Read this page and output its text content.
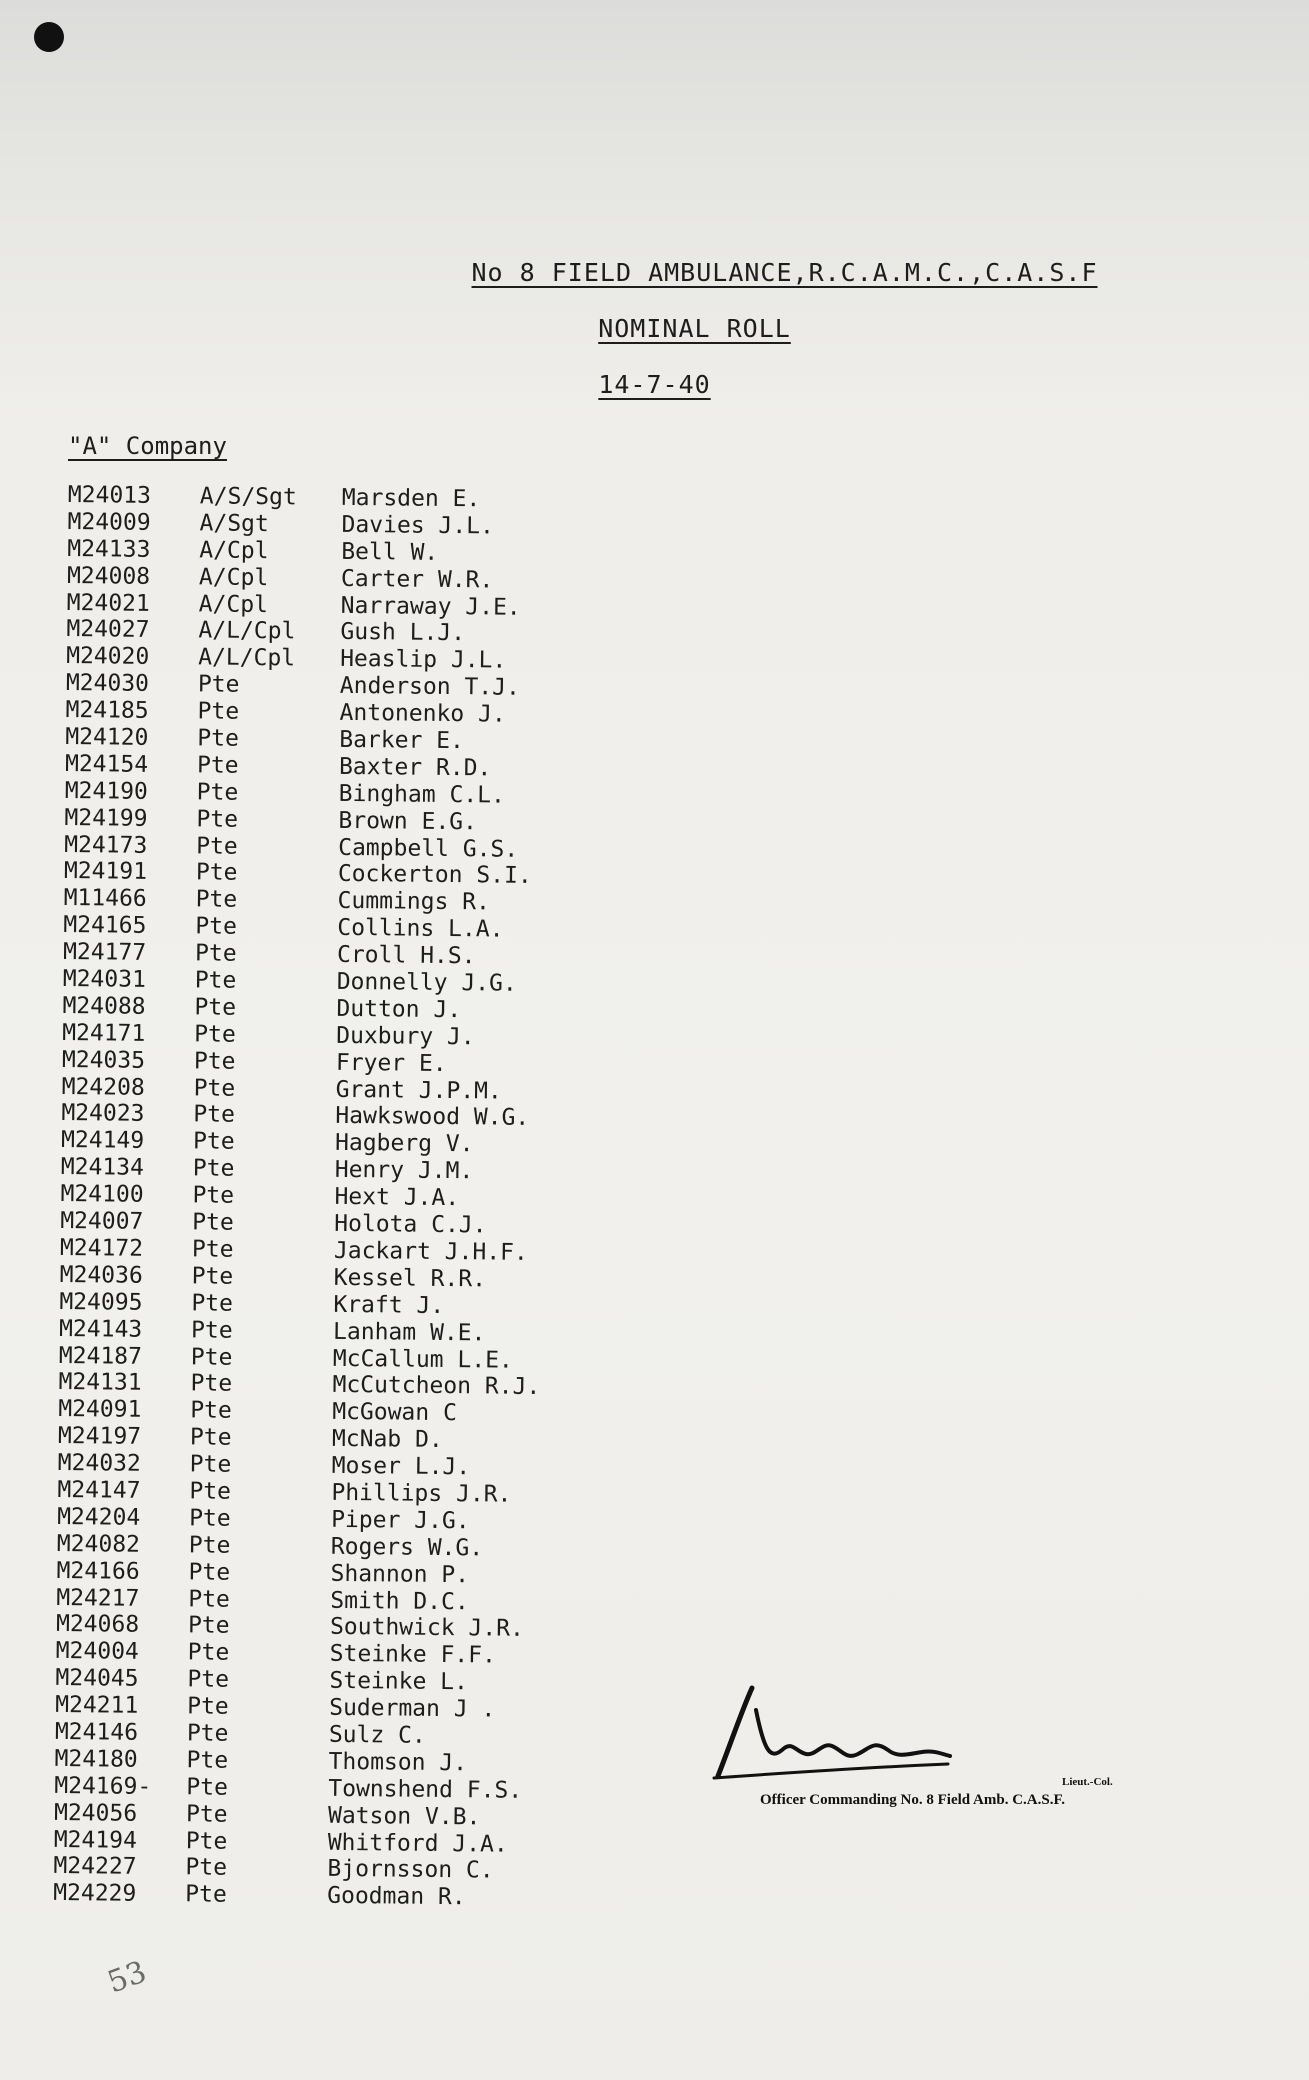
No 8 FIELD AMBULANCE,R.C.A.M.C.,C.A.S.F
NOMINAL ROLL
14-7-40
"A" Company
M24013	A/S/Sgt	Marsden E.
M24009	A/Sgt	Davies J.L.
M24133	A/Cpl	Bell W.
M24008	A/Cpl	Carter W.R.
M24021	A/Cpl	Narraway J.E.
M24027	A/L/Cpl	Gush L.J.
M24020	A/L/Cpl	Heaslip J.L.
M24030	Pte	Anderson T.J.
M24185	Pte	Antonenko J.
M24120	Pte	Barker E.
M24154	Pte	Baxter R.D.
M24190	Pte	Bingham C.L.
M24199	Pte	Brown E.G.
M24173	Pte	Campbell G.S.
M24191	Pte	Cockerton S.I.
M11466	Pte	Cummings R.
M24165	Pte	Collins L.A.
M24177	Pte	Croll H.S.
M24031	Pte	Donnelly J.G.
M24088	Pte	Dutton J.
M24171	Pte	Duxbury J.
M24035	Pte	Fryer E.
M24208	Pte	Grant J.P.M.
M24023	Pte	Hawkswood W.G.
M24149	Pte	Hagberg V.
M24134	Pte	Henry J.M.
M24100	Pte	Hext J.A.
M24007	Pte	Holota C.J.
M24172	Pte	Jackart J.H.F.
M24036	Pte	Kessel R.R.
M24095	Pte	Kraft J.
M24143	Pte	Lanham W.E.
M24187	Pte	McCallum L.E.
M24131	Pte	McCutcheon R.J.
M24091	Pte	McGowan C
M24197	Pte	McNab D.
M24032	Pte	Moser L.J.
M24147	Pte	Phillips J.R.
M24204	Pte	Piper J.G.
M24082	Pte	Rogers W.G.
M24166	Pte	Shannon P.
M24217	Pte	Smith D.C.
M24068	Pte	Southwick J.R.
M24004	Pte	Steinke F.F.
M24045	Pte	Steinke L.
M24211	Pte	Suderman J .
M24146	Pte	Sulz C.
M24180	Pte	Thomson J.
M24169-	Pte	Townshend F.S.
M24056	Pte	Watson V.B.
M24194	Pte	Whitford J.A.
M24227	Pte	Bjornsson C.
M24229	Pte	Goodman R.
Lieut.-Col.
Officer Commanding No. 8 Field Amb. C.A.S.F.
53
